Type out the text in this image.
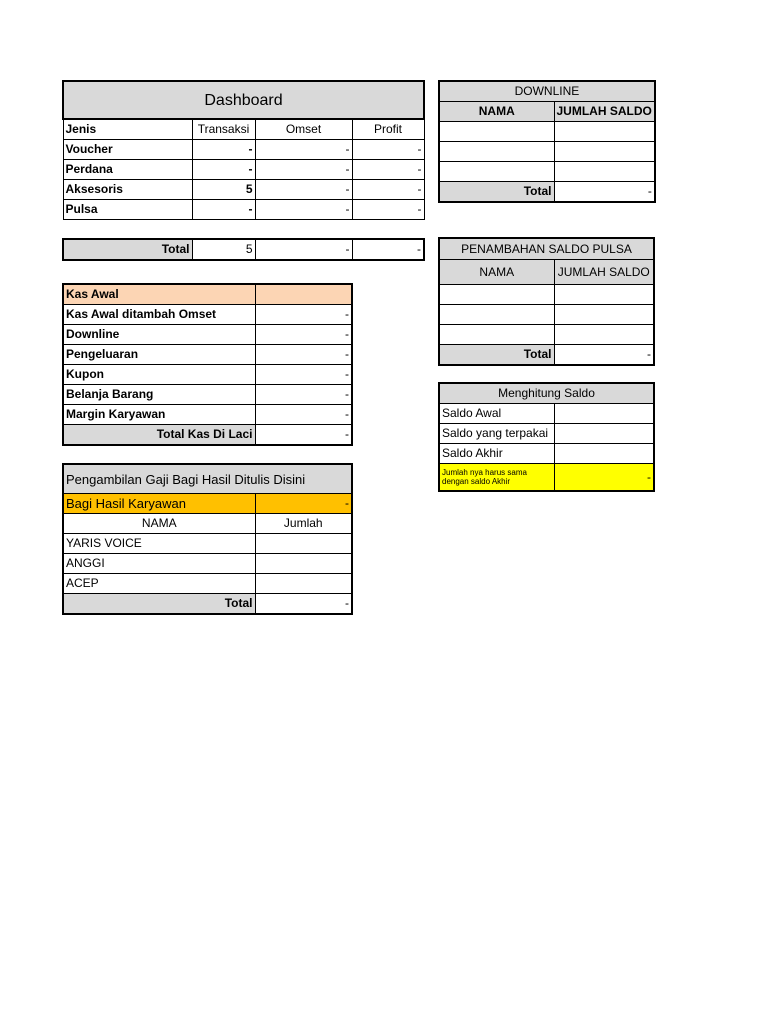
Dashboard			
Jenis	Transaksi	Omset	Profit
Voucher	-	-	-
Perdana	-	-	-
Aksesoris	5	-	-
Pulsa	-	-	-
Total	5	-	-
Kas Awal	
Kas Awal ditambah Omset	-
Downline	-
Pengeluaran	-
Kupon	-
Belanja Barang	-
Margin Karyawan	-
Total Kas Di Laci	-
Pengambilan Gaji Bagi Hasil Ditulis Disini	
Bagi Hasil Karyawan	-
NAMA	Jumlah
YARIS VOICE	
ANGGI	
ACEP	
Total	-
DOWNLINE	
NAMA	JUMLAH SALDO

Total	-
PENAMBAHAN SALDO PULSA	
NAMA	JUMLAH SALDO

Total	-
Menghitung Saldo	
Saldo Awal	
Saldo yang terpakai	
Saldo Akhir	
Jumlah nya harus sama dengan saldo Akhir	-
